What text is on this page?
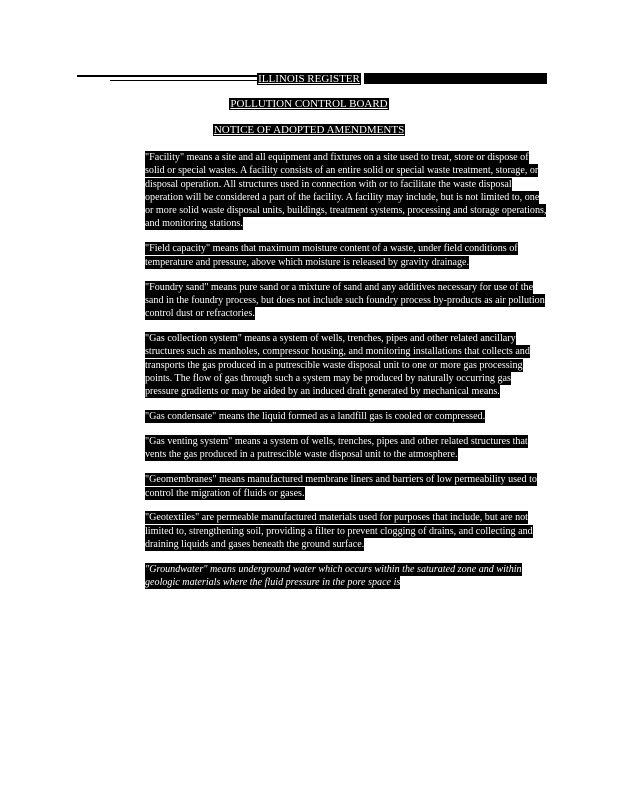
ILLINOIS REGISTER
POLLUTION CONTROL BOARD
NOTICE OF ADOPTED AMENDMENTS

"Facility" means a site and all equipment and fixtures on a site used to treat, store or dispose of solid or special wastes. A facility consists of an entire solid or special waste treatment, storage, or disposal operation. All structures used in connection with or to facilitate the waste disposal operation will be considered a part of the facility. A facility may include, but is not limited to, one or more solid waste disposal units, buildings, treatment systems, processing and storage operations, and monitoring stations.

"Field capacity" means that maximum moisture content of a waste, under field conditions of temperature and pressure, above which moisture is released by gravity drainage.

"Foundry sand" means pure sand or a mixture of sand and any additives necessary for use of the sand in the foundry process, but does not include such foundry process by-products as air pollution control dust or refractories.

"Gas collection system" means a system of wells, trenches, pipes and other related ancillary structures such as manholes, compressor housing, and monitoring installations that collects and transports the gas produced in a putrescible waste disposal unit to one or more gas processing points. The flow of gas through such a system may be produced by naturally occurring gas pressure gradients or may be aided by an induced draft generated by mechanical means.

"Gas condensate" means the liquid formed as a landfill gas is cooled or compressed.

"Gas venting system" means a system of wells, trenches, pipes and other related structures that vents the gas produced in a putrescible waste disposal unit to the atmosphere.

"Geomembranes" means manufactured membrane liners and barriers of low permeability used to control the migration of fluids or gases.

"Geotextiles" are permeable manufactured materials used for purposes that include, but are not limited to, strengthening soil, providing a filter to prevent clogging of drains, and collecting and draining liquids and gases beneath the ground surface.

"Groundwater" means underground water which occurs within the saturated zone and within geologic materials where the fluid pressure in the pore space is
